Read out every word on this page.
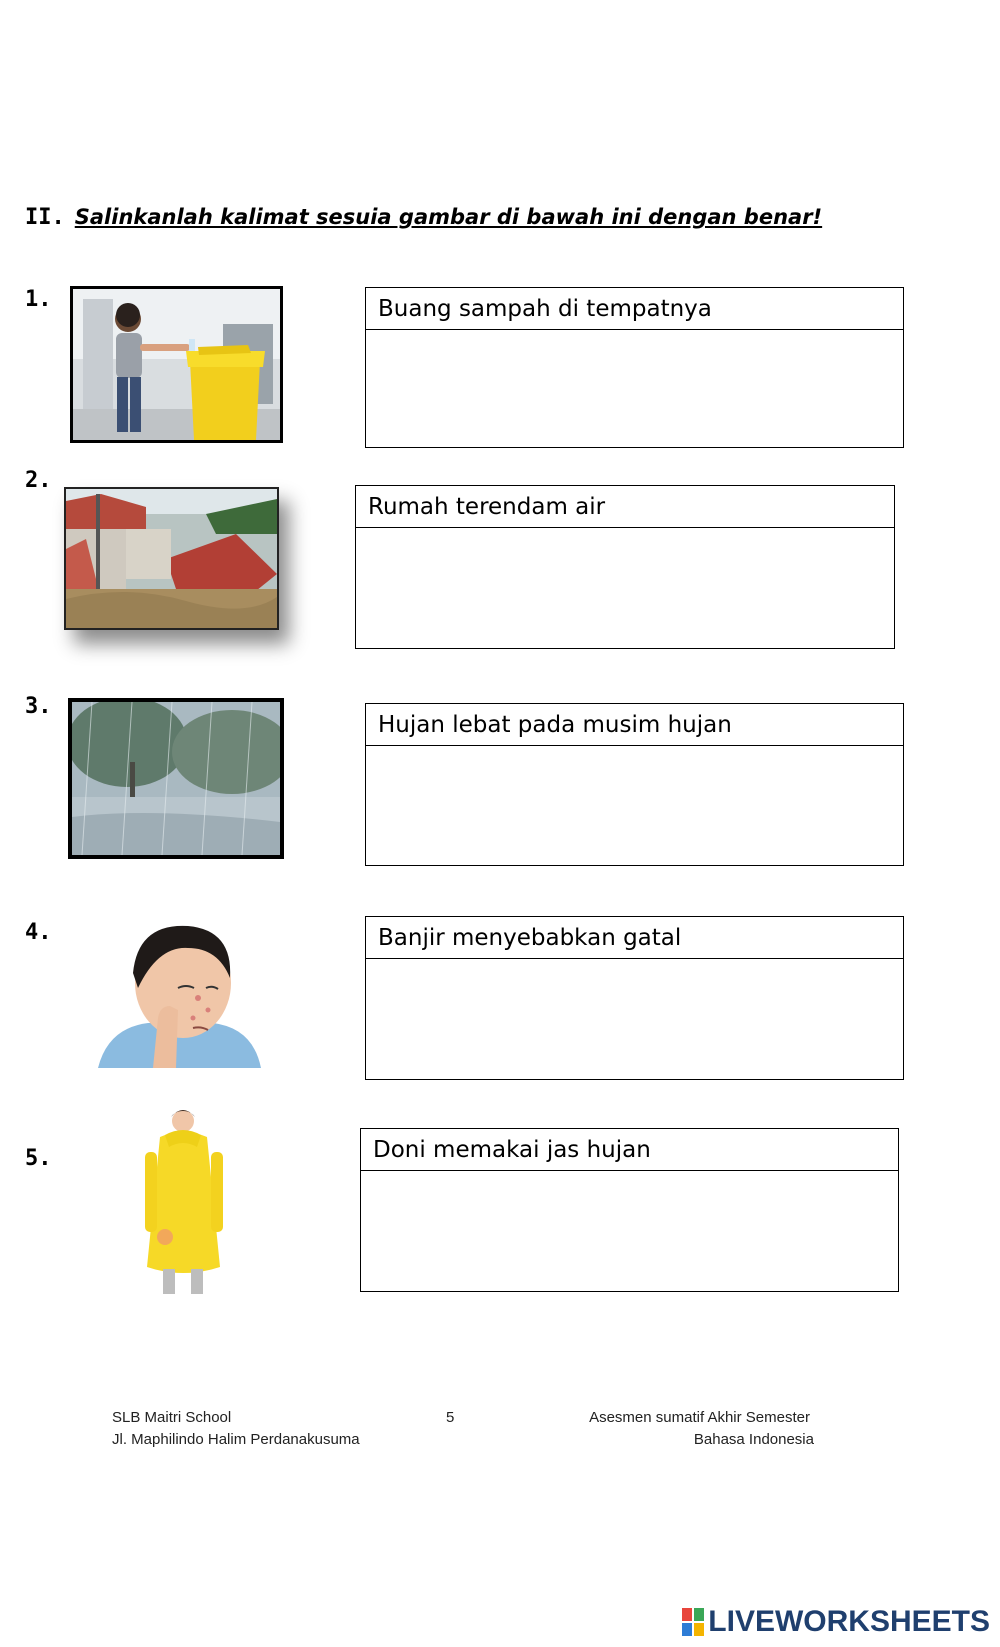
II. Salinkanlah kalimat sesuia gambar di bawah ini dengan benar!
1.	Buang sampah di tempatnya
2.
Rumah terendam air
3.
Hujan lebat pada musim hujan
4.	Banjir menyebabkan gatal
5.	Doni memakai jas hujan
SLB Maitri School
Jl. Maphilindo Halim Perdanakusuma
5	Asesmen sumatif Akhir Semester
Bahasa Indonesia
LIVEWORKSHEETS
